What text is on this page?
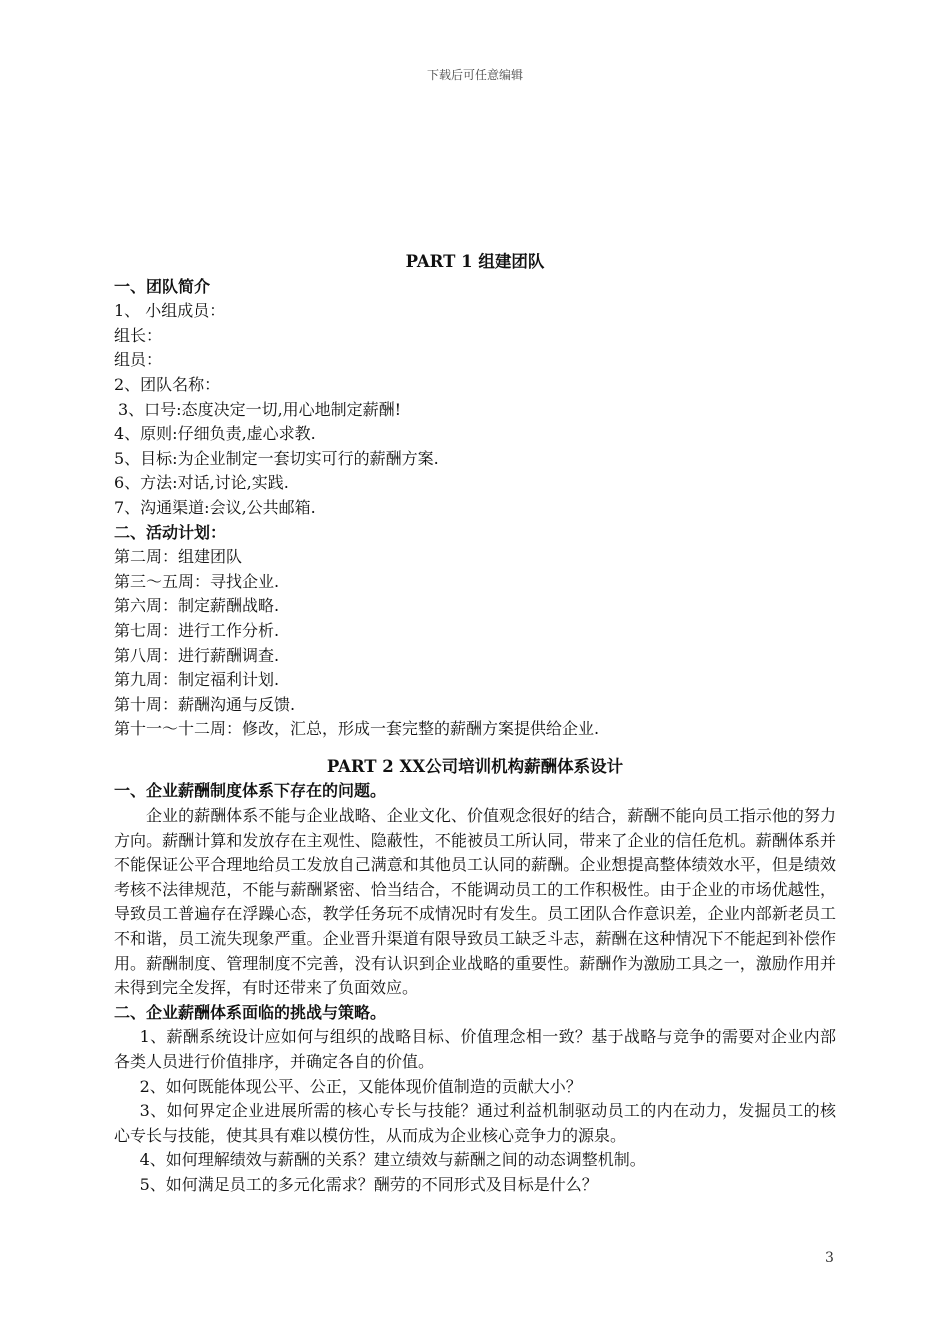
下载后可任意编辑

PART 1 组建团队

一、团队简介

1、 小组成员：

组长：

组员：

2、团队名称：

3、口号:态度决定一切,用心地制定薪酬!

4、原则:仔细负责,虚心求教.

5、目标:为企业制定一套切实可行的薪酬方案.

6、方法:对话,讨论,实践.

7、沟通渠道:会议,公共邮箱.

二、活动计划：

第二周：组建团队

第三～五周：寻找企业.

第六周：制定薪酬战略.

第七周：进行工作分析.

第八周：进行薪酬调查.

第九周：制定福利计划.

第十周：薪酬沟通与反馈.

第十一～十二周：修改，汇总，形成一套完整的薪酬方案提供给企业.

PART 2 XX公司培训机构薪酬体系设计

一、企业薪酬制度体系下存在的问题。

企业的薪酬体系不能与企业战略、企业文化、价值观念很好的结合，薪酬不能向员工指示他的努力方向。薪酬计算和发放存在主观性、隐蔽性，不能被员工所认同，带来了企业的信任危机。薪酬体系并不能保证公平合理地给员工发放自己满意和其他员工认同的薪酬。企业想提高整体绩效水平，但是绩效考核不法律规范，不能与薪酬紧密、恰当结合，不能调动员工的工作积极性。由于企业的市场优越性，导致员工普遍存在浮躁心态，教学任务玩不成情况时有发生。员工团队合作意识差，企业内部新老员工不和谐，员工流失现象严重。企业晋升渠道有限导致员工缺乏斗志，薪酬在这种情况下不能起到补偿作用。薪酬制度、管理制度不完善，没有认识到企业战略的重要性。薪酬作为激励工具之一，激励作用并未得到完全发挥，有时还带来了负面效应。

二、企业薪酬体系面临的挑战与策略。

1、薪酬系统设计应如何与组织的战略目标、价值理念相一致？基于战略与竞争的需要对企业内部各类人员进行价值排序，并确定各自的价值。

2、如何既能体现公平、公正，又能体现价值制造的贡献大小？

3、如何界定企业进展所需的核心专长与技能？通过利益机制驱动员工的内在动力，发掘员工的核心专长与技能，使其具有难以模仿性，从而成为企业核心竞争力的源泉。

4、如何理解绩效与薪酬的关系？建立绩效与薪酬之间的动态调整机制。

5、如何满足员工的多元化需求？酬劳的不同形式及目标是什么？

3
